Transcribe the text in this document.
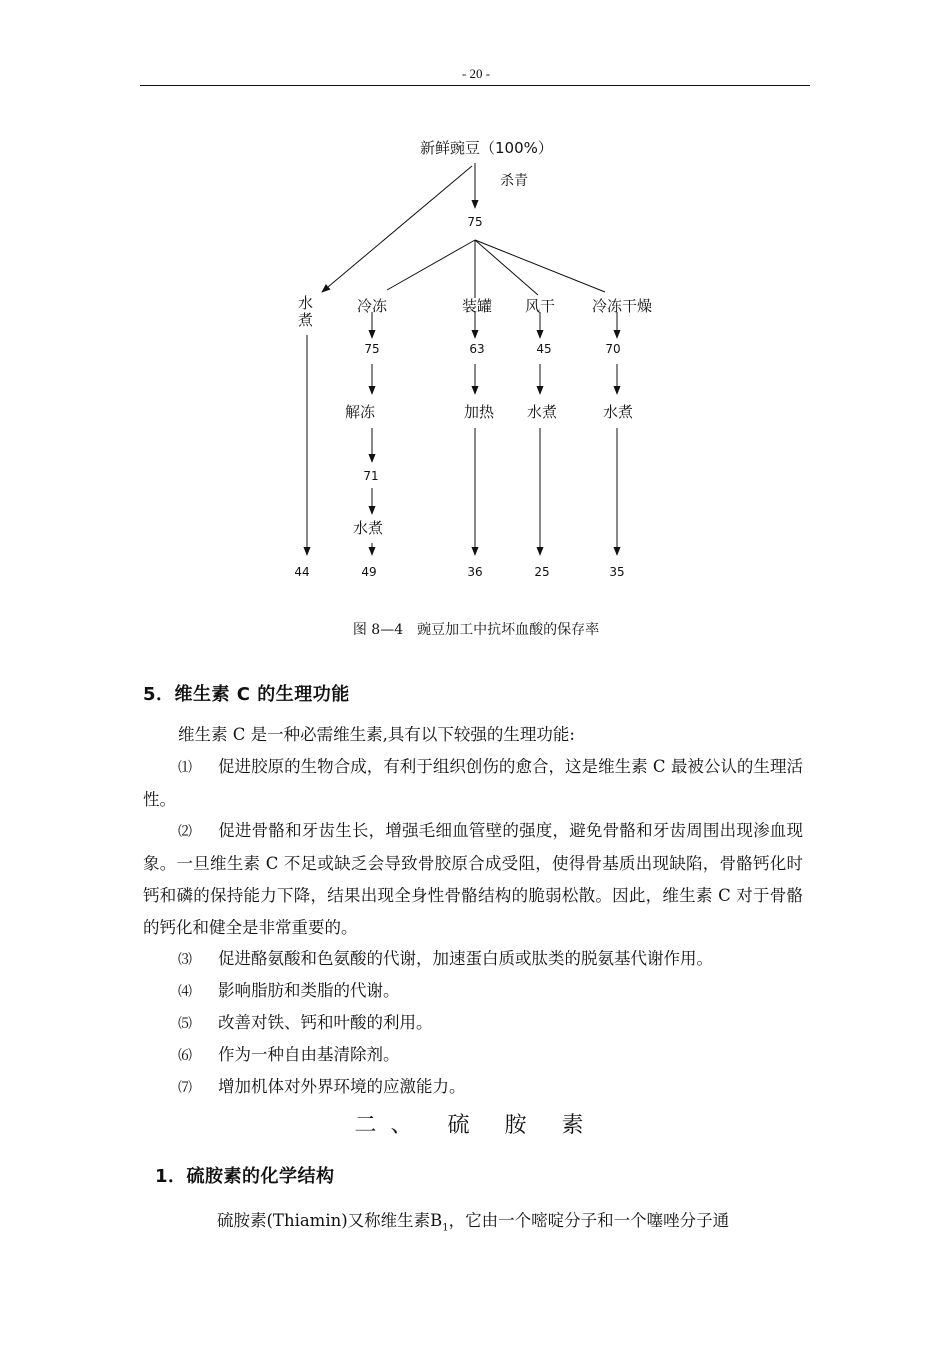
- 20 -
新鲜豌豆（100%）
杀青
75
水
煮
冷冻	装罐 风干 冷冻干燥
75	63	45	70
解冻	加热 水煮	水煮
71
水煮
44	49	36	25	35
图 8—4　豌豆加工中抗坏血酸的保存率
5．维生素 C 的生理功能
维生素 C 是一种必需维生素,具有以下较强的生理功能:
⑴ 促进胶原的生物合成，有利于组织创伤的愈合，这是维生素 C 最被公认的生理活性。
⑵ 促进骨骼和牙齿生长，增强毛细血管壁的强度，避免骨骼和牙齿周围出现渗血现象。一旦维生素 C 不足或缺乏会导致骨胶原合成受阻，使得骨基质出现缺陷，骨骼钙化时钙和磷的保持能力下降，结果出现全身性骨骼结构的脆弱松散。因此，维生素 C 对于骨骼的钙化和健全是非常重要的。
⑶ 促进酪氨酸和色氨酸的代谢，加速蛋白质或肽类的脱氨基代谢作用。
⑷ 影响脂肪和类脂的代谢。
⑸ 改善对铁、钙和叶酸的利用。
⑹ 作为一种自由基清除剂。
⑺ 增加机体对外界环境的应激能力。
二、 硫 胺 素
1．硫胺素的化学结构
硫胺素(Thiamin)又称维生素$B_1$，它由一个嘧啶分子和一个噻唑分子通
